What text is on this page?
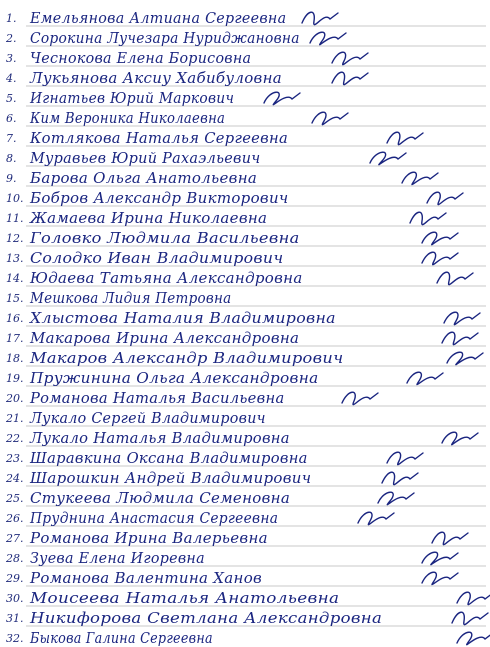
1. Емельянова Алтиана Сергеевна
2. Сорокина Лучезара Нуриджановна
3. Чеснокова Елена Борисовна
4. Лукьянова Аксиу Хабибуловна
5. Игнатьев Юрий Маркович
6. Ким Вероника Николаевна
7. Котлякова Наталья Сергеевна
8. Муравьев Юрий Рахаэльевич
9. Барова Ольга Анатольевна
10. Бобров Александр Викторович
11. Жамаева Ирина Николаевна
12. Головко Людмила Васильевна
13. Солодко Иван Владимирович
14. Юдаева Татьяна Александровна
15. Мешкова Лидия Петровна
16. Хлыстова Наталия Владимировна
17. Макарова Ирина Александровна
18. Макаров Александр Владимирович
19. Пружинина Ольга Александровна
20. Романова Наталья Васильевна
21. Лукало Сергей Владимирович
22. Лукало Наталья Владимировна
23. Шаравкина Оксана Владимировна
24. Шарошкин Андрей Владимирович
25. Стукеева Людмила Семеновна
26. Пруднина Анастасия Сергеевна
27. Романова Ирина Валерьевна
28. Зуева Елена Игоревна
29. Романова Валентина Ханов
30. Моисеева Наталья Анатольевна
31. Никифорова Светлана Александровна
32. Быкова Галина Сергеевна
